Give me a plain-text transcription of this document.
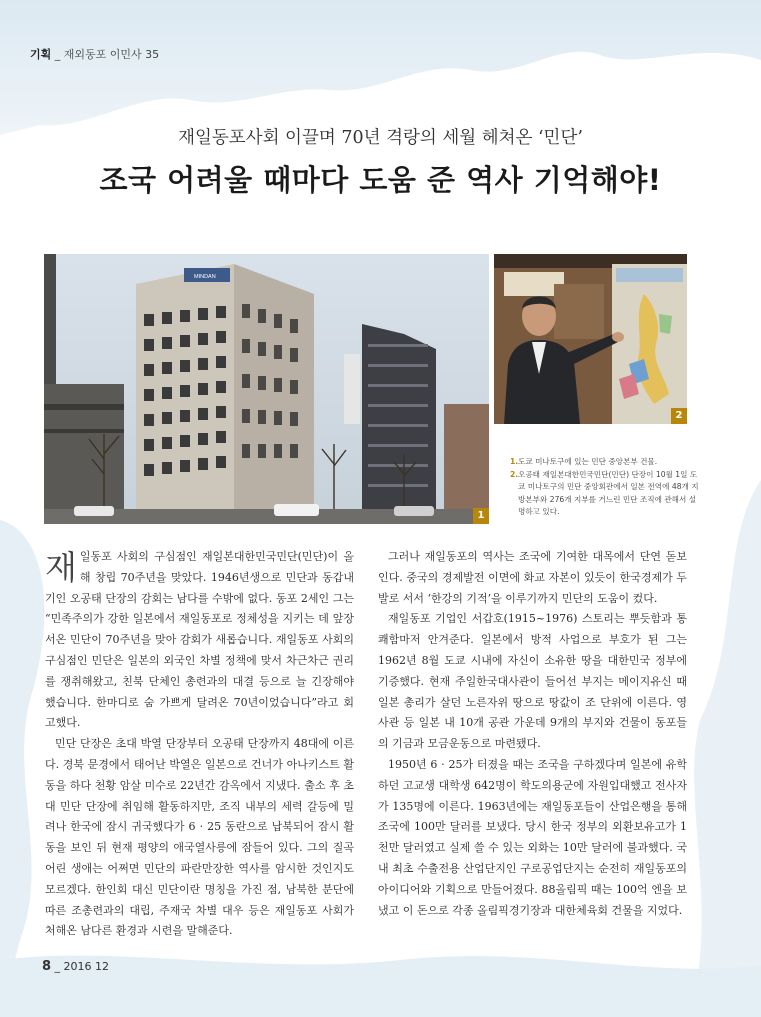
기획 _ 재외동포 이민사 35
재일동포사회 이끌며 70년 격랑의 세월 헤쳐온 ‘민단’
조국 어려울 때마다 도움 준 역사 기억해야!
MINDAN
1
2
1. 도쿄 미나토구에 있는 민단 중앙본부 건물.
2. 오공태 재일본대한민국민단(민단) 단장이 10월 1일 도쿄 미나토구의 민단 중앙회관에서 일본 전역에 48개 지방본부와 276개 지부를 거느린 민단 조직에 관해서 설명하고 있다.

재일동포 사회의 구심점인 재일본대한민국민단(민단)이 올해 창립 70주년을 맞았다. 1946년생으로 민단과 동갑내기인 오공태 단장의 감회는 남다를 수밖에 없다. 동포 2세인 그는 “민족주의가 강한 일본에서 재일동포로 정체성을 지키는 데 앞장서온 민단이 70주년을 맞아 감회가 새롭습니다. 재일동포 사회의 구심점인 민단은 일본의 외국인 차별 정책에 맞서 차근차근 권리를 쟁취해왔고, 친북 단체인 총련과의 대결 등으로 늘 긴장해야 했습니다. 한마디로 숨 가쁘게 달려온 70년이었습니다”라고 회고했다.

민단 단장은 초대 박열 단장부터 오공태 단장까지 48대에 이른다. 경북 문경에서 태어난 박열은 일본으로 건너가 아나키스트 활동을 하다 천황 암살 미수로 22년간 감옥에서 지냈다. 출소 후 초대 민단 단장에 취임해 활동하지만, 조직 내부의 세력 갈등에 밀려나 한국에 잠시 귀국했다가 6 · 25 동란으로 납북되어 잠시 활동을 보인 뒤 현재 평양의 애국열사릉에 잠들어 있다. 그의 질곡 어린 생애는 어쩌면 민단의 파란만장한 역사를 암시한 것인지도 모르겠다. 한인회 대신 민단이란 명칭을 가진 점, 남북한 분단에 따른 조총련과의 대립, 주재국 차별 대우 등은 재일동포 사회가 처해온 남다른 환경과 시련을 말해준다.

그러나 재일동포의 역사는 조국에 기여한 대목에서 단연 돋보인다. 중국의 경제발전 이면에 화교 자본이 있듯이 한국경제가 두 발로 서서 ‘한강의 기적’을 이루기까지 민단의 도움이 컸다.

재일동포 기업인 서갑호(1915~1976) 스토리는 뿌듯함과 통쾌함마저 안겨준다. 일본에서 방적 사업으로 부호가 된 그는 1962년 8월 도쿄 시내에 자신이 소유한 땅을 대한민국 정부에 기증했다. 현재 주일한국대사관이 들어선 부지는 메이지유신 때 일본 총리가 살던 노른자위 땅으로 땅값이 조 단위에 이른다. 영사관 등 일본 내 10개 공관 가운데 9개의 부지와 건물이 동포들의 기금과 모금운동으로 마련됐다.

1950년 6 · 25가 터졌을 때는 조국을 구하겠다며 일본에 유학하던 고교생 대학생 642명이 학도의용군에 자원입대했고 전사자가 135명에 이른다. 1963년에는 재일동포들이 산업은행을 통해 조국에 100만 달러를 보냈다. 당시 한국 정부의 외환보유고가 1천만 달러였고 실제 쓸 수 있는 외화는 10만 달러에 불과했다. 국내 최초 수출전용 산업단지인 구로공업단지는 순전히 재일동포의 아이디어와 기획으로 만들어졌다. 88올림픽 때는 100억 엔을 보냈고 이 돈으로 각종 올림픽경기장과 대한체육회 건물을 지었다.

8 _ 2016 12
